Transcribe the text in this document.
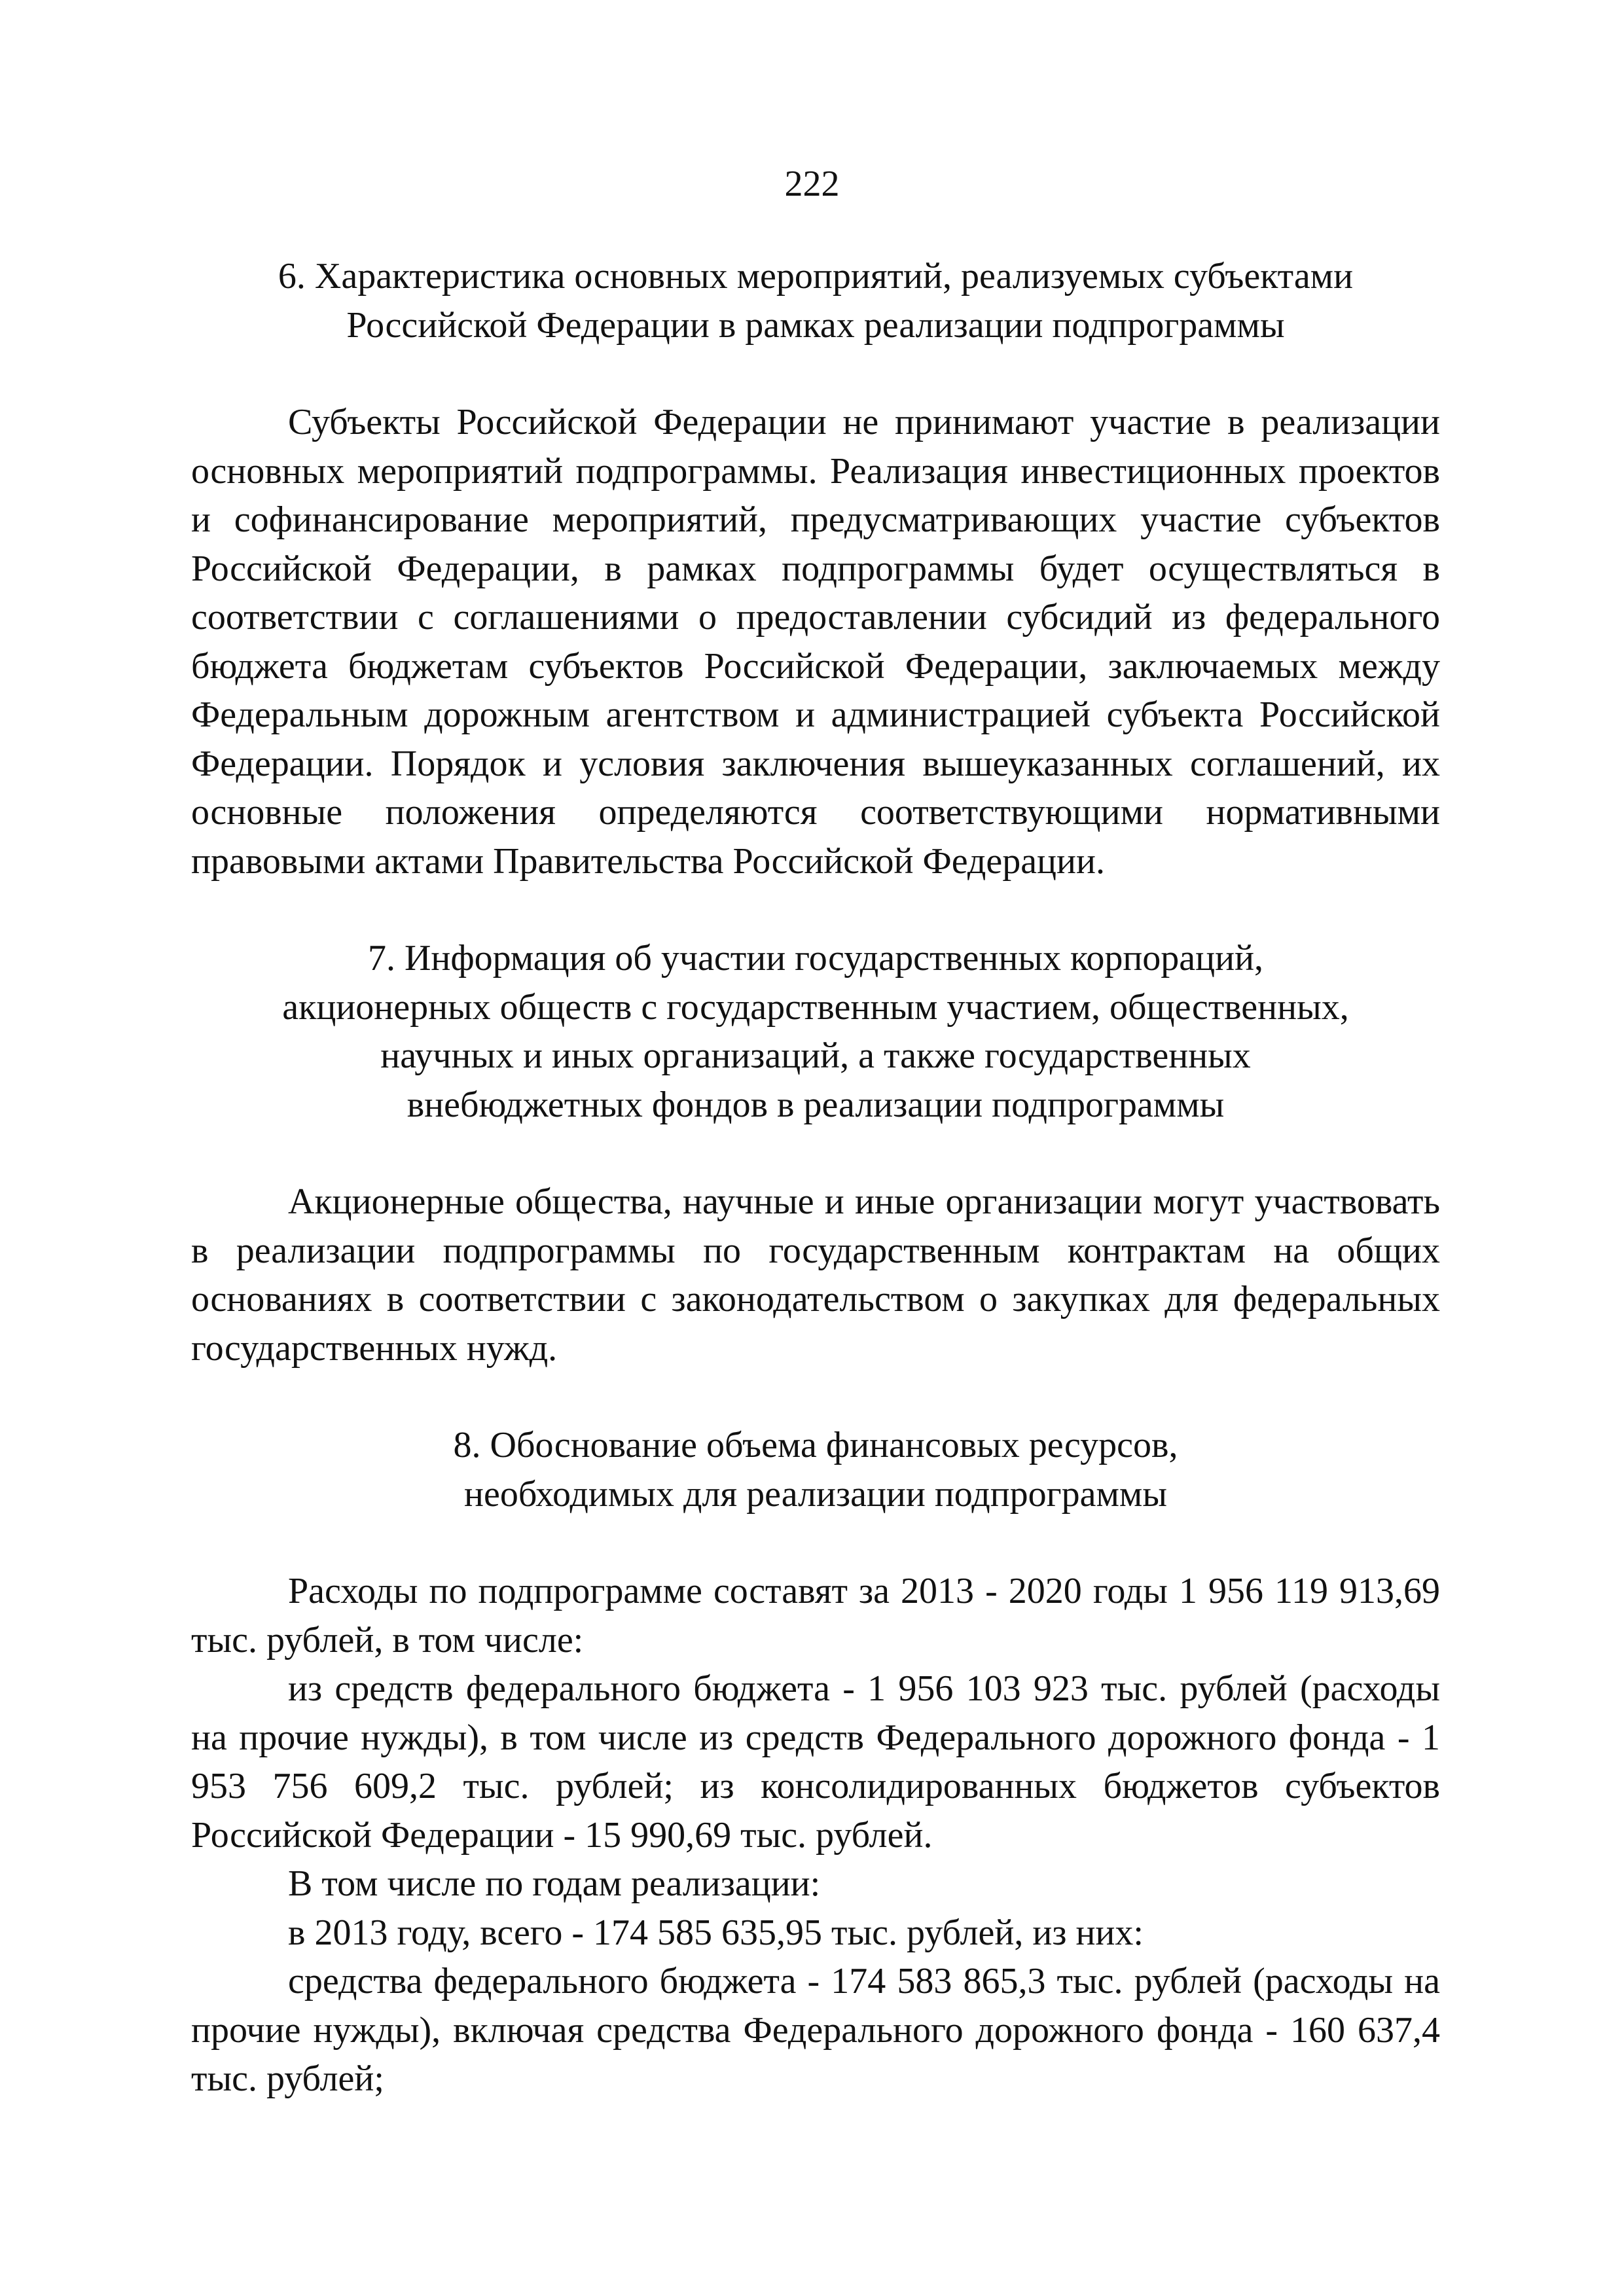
222
6. Характеристика основных мероприятий, реализуемых субъектами
Российской Федерации в рамках реализации подпрограммы

Субъекты Российской Федерации не принимают участие в реализации основных мероприятий подпрограммы. Реализация инвестиционных проектов и софинансирование мероприятий, предусматривающих участие субъектов Российской Федерации, в рамках подпрограммы будет осуществляться в соответствии с соглашениями о предоставлении субсидий из федерального бюджета бюджетам субъектов Российской Федерации, заключаемых между Федеральным дорожным агентством и администрацией субъекта Российской Федерации. Порядок и условия заключения вышеуказанных соглашений, их основные положения определяются соответствующими нормативными правовыми актами Правительства Российской Федерации.

7. Информация об участии государственных корпораций,
акционерных обществ с государственным участием, общественных,
научных и иных организаций, а также государственных
внебюджетных фондов в реализации подпрограммы

Акционерные общества, научные и иные организации могут участвовать в реализации подпрограммы по государственным контрактам на общих основаниях в соответствии с законодательством о закупках для федеральных государственных нужд.

8. Обоснование объема финансовых ресурсов,
необходимых для реализации подпрограммы

Расходы по подпрограмме составят за 2013 - 2020 годы 1 956 119 913,69 тыс. рублей, в том числе:

из средств федерального бюджета - 1 956 103 923 тыс. рублей (расходы на прочие нужды), в том числе из средств Федерального дорожного фонда - 1 953 756 609,2 тыс. рублей; из консолидированных бюджетов субъектов Российской Федерации - 15 990,69 тыс. рублей.

В том числе по годам реализации:

в 2013 году, всего - 174 585 635,95 тыс. рублей, из них:

средства федерального бюджета - 174 583 865,3 тыс. рублей (расходы на прочие нужды), включая средства Федерального дорожного фонда - 160 637,4 тыс. рублей;
